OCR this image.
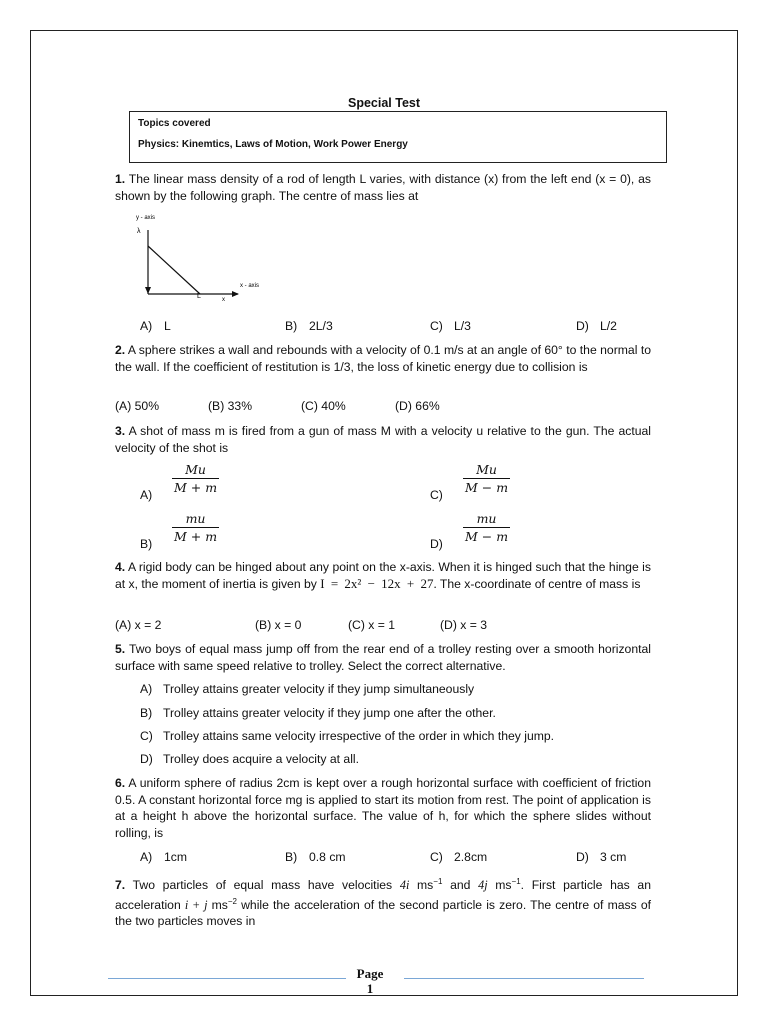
Special Test
Topics covered
Physics: Kinemtics, Laws of Motion, Work Power Energy
1. The linear mass density of a rod of length L varies, with distance (x) from the left end (x = 0), as shown by the following graph. The centre of mass lies at
y - axis
λ
x - axis
L	x
A) L	B) 2L/3	C) L/3	D) L/2
2. A sphere strikes a wall and rebounds with a velocity of 0.1 m/s at an angle of 60° to the normal to the wall. If the coefficient of restitution is 1/3, the loss of kinetic energy due to collision is
(A) 50%	(B) 33%	(C) 40%	(D) 66%
3. A shot of mass m is fired from a gun of mass M with a velocity u relative to the gun. The actual velocity of the shot is
$A) \frac{Mu}{M + m}$	$C) \frac{Mu}{M - m}$
$B) \frac{mu}{M + m}$	$D) \frac{mu}{M - m}$
4. A rigid body can be hinged about any point on the x-axis. When it is hinged such that the hinge is at x, the moment of inertia is given by I = 2x² − 12x + 27. The x-coordinate of centre of mass is
(A) x = 2	(B) x = 0	(C) x = 1	(D) x = 3
5. Two boys of equal mass jump off from the rear end of a trolley resting over a smooth horizontal surface with same speed relative to trolley. Select the correct alternative.
A) Trolley attains greater velocity if they jump simultaneously
B) Trolley attains greater velocity if they jump one after the other.
C) Trolley attains same velocity irrespective of the order in which they jump.
D) Trolley does acquire a velocity at all.
6. A uniform sphere of radius 2cm is kept over a rough horizontal surface with coefficient of friction 0.5. A constant horizontal force mg is applied to start its motion from rest. The point of application is at a height h above the horizontal surface. The value of h, for which the sphere slides without rolling, is
A) 1cm	B) 0.8 cm	C) 2.8cm	D) 3 cm
7. Two particles of equal mass have velocities 4i $ms^{-1}$ and 4j $ms^{-1}$. First particle has an acceleration i + j $ms^{-2}$ while the acceleration of the second particle is zero. The centre of mass of the two particles moves in
Page
1
